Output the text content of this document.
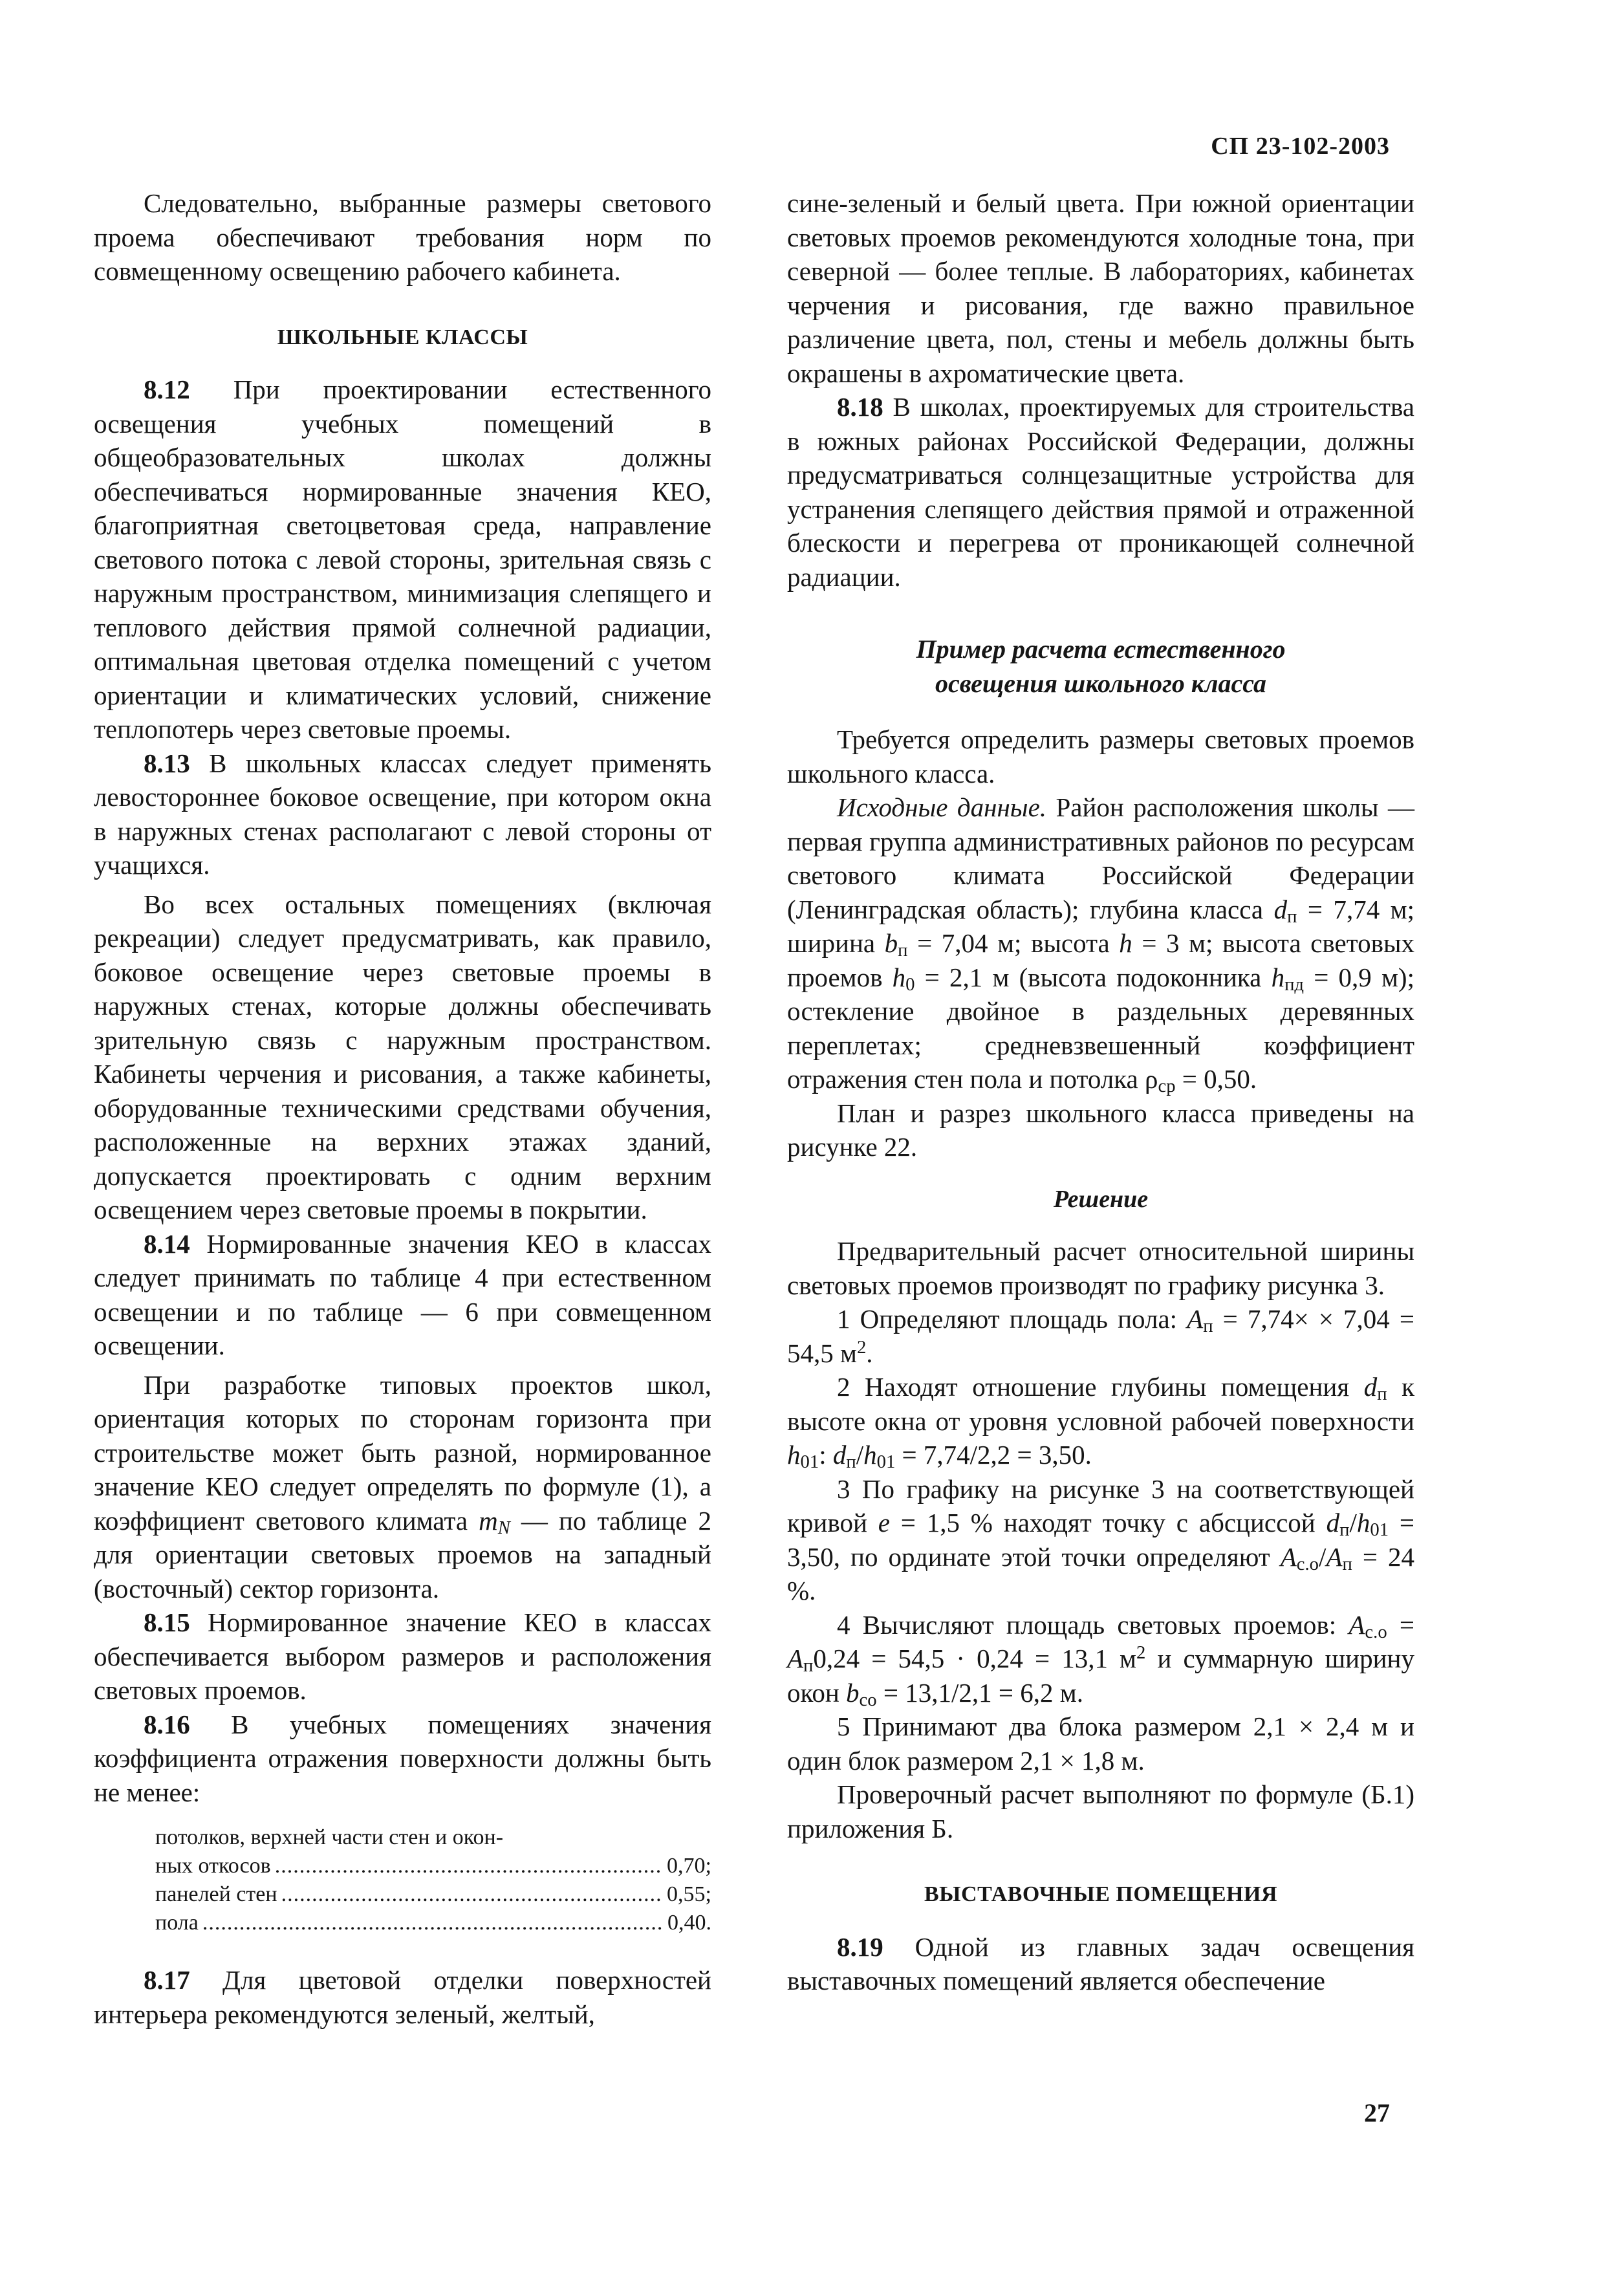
СП 23-102-2003

Следовательно, выбранные размеры светового проема обеспечивают требования норм по совмещенному освещению рабочего кабинета.

ШКОЛЬНЫЕ КЛАССЫ

8.12 При проектировании естественного освещения учебных помещений в общеобразовательных школах должны обеспечиваться нормированные значения КЕО, благоприятная светоцветовая среда, направление светового потока с левой стороны, зрительная связь с наружным пространством, минимизация слепящего и теплового действия прямой солнечной радиации, оптимальная цветовая отделка помещений с учетом ориентации и климатических условий, снижение теплопотерь через световые проемы.

8.13 В школьных классах следует применять левостороннее боковое освещение, при котором окна в наружных стенах располагают с левой стороны от учащихся.

Во всех остальных помещениях (включая рекреации) следует предусматривать, как правило, боковое освещение через световые проемы в наружных стенах, которые должны обеспечивать зрительную связь с наружным пространством. Кабинеты черчения и рисования, а также кабинеты, оборудованные техническими средствами обучения, расположенные на верхних этажах зданий, допускается проектировать с одним верхним освещением через световые проемы в покрытии.

8.14 Нормированные значения КЕО в классах следует принимать по таблице 4 при естественном освещении и по таблице — 6 при совмещенном освещении.

При разработке типовых проектов школ, ориентация которых по сторонам горизонта при строительстве может быть разной, нормированное значение КЕО следует определять по формуле (1), а коэффициент светового климата $m_N$ — по таблице 2 для ориентации световых проемов на западный (восточный) сектор горизонта.

8.15 Нормированное значение КЕО в классах обеспечивается выбором размеров и расположения световых проемов.

8.16 В учебных помещениях значения коэффициента отражения поверхности должны быть не менее:

потолков, верхней части стен и окон-
ных откосов .....	0,70;
панелей стен .....	0,55;
пола .....	0,40.

8.17 Для цветовой отделки поверхностей интерьера рекомендуются зеленый, желтый,

сине-зеленый и белый цвета. При южной ориентации световых проемов рекомендуются холодные тона, при северной — более теплые. В лабораториях, кабинетах черчения и рисования, где важно правильное различение цвета, пол, стены и мебель должны быть окрашены в ахроматические цвета.

8.18 В школах, проектируемых для строительства в южных районах Российской Федерации, должны предусматриваться солнцезащитные устройства для устранения слепящего действия прямой и отраженной блескости и перегрева от проникающей солнечной радиации.

Пример расчета естественного

освещения школьного класса

Требуется определить размеры световых проемов школьного класса.

Исходные данные. Район расположения школы — первая группа административных районов по ресурсам светового климата Российской Федерации (Ленинградская область); глубина класса $d_п = 7,74$ м; ширина $b_п = 7,04$ м; высота h = 3 м; высота световых проемов $h_0 = 2,1$ м (высота подоконника $h_{пд} = 0,9$ м); остекление двойное в раздельных деревянных переплетах; средневзвешенный коэффициент отражения стен пола и потолка $\rho_{ср} = 0,50$.

План и разрез школьного класса приведены на рисунке 22.

Решение

Предварительный расчет относительной ширины световых проемов производят по графику рисунка 3.

1 Определяют площадь пола: $A_п = 7,74\times \times 7,04 = 54,5$ $м^2$.

2 Находят отношение глубины помещения $d_п$ к высоте окна от уровня условной рабочей поверхности $h_{01}$: $d_п/h_{01} = 7,74/2,2 = 3,50$.

3 По графику на рисунке 3 на соответствующей кривой e = 1,5 % находят точку с абсциссой $d_п/h_{01} = 3,50$, по ординате этой точки определяют $A_{с.о}/A_п = 24$ %.

4 Вычисляют площадь световых проемов: $A_{с.о} = A_п0,24 = 54,5 \cdot 0,24 = 13,1$ $м^2$ и суммарную ширину окон $b_{со} = 13,1/2,1 = 6,2$ м.

5 Принимают два блока размером 2,1 × 2,4 м и один блок размером 2,1 × 1,8 м.

Проверочный расчет выполняют по формуле (Б.1) приложения Б.

ВЫСТАВОЧНЫЕ ПОМЕЩЕНИЯ

8.19 Одной из главных задач освещения выставочных помещений является обеспечение

27
